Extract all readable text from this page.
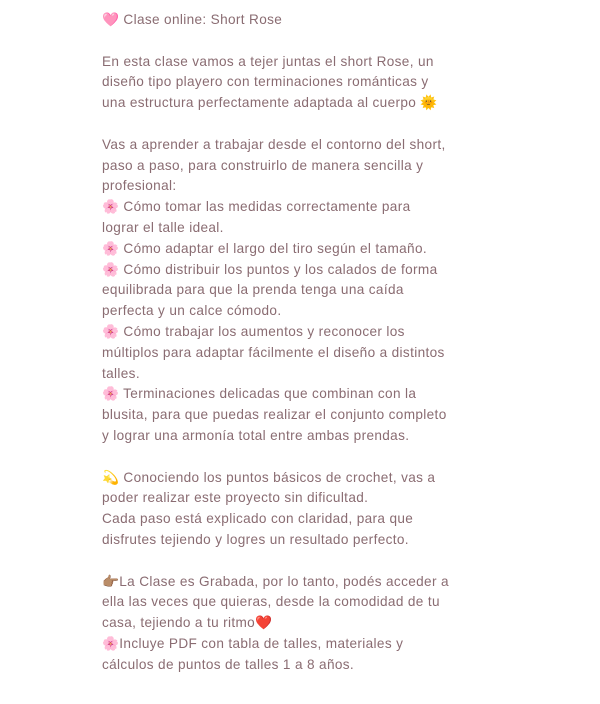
🩷 Clase online: Short Rose
En esta clase vamos a tejer juntas el short Rose, un
diseño tipo playero con terminaciones románticas y
una estructura perfectamente adaptada al cuerpo 🌞
Vas a aprender a trabajar desde el contorno del short,
paso a paso, para construirlo de manera sencilla y
profesional:
🌸 Cómo tomar las medidas correctamente para
lograr el talle ideal.
🌸 Cómo adaptar el largo del tiro según el tamaño.
🌸 Cómo distribuir los puntos y los calados de forma
equilibrada para que la prenda tenga una caída
perfecta y un calce cómodo.
🌸 Cómo trabajar los aumentos y reconocer los
múltiplos para adaptar fácilmente el diseño a distintos
talles.
🌸 Terminaciones delicadas que combinan con la
blusita, para que puedas realizar el conjunto completo
y lograr una armonía total entre ambas prendas.
💫 Conociendo los puntos básicos de crochet, vas a
poder realizar este proyecto sin dificultad.
Cada paso está explicado con claridad, para que
disfrutes tejiendo y logres un resultado perfecto.
👉🏽La Clase es Grabada, por lo tanto, podés acceder a
ella las veces que quieras, desde la comodidad de tu
casa, tejiendo a tu ritmo❤️
🌸Incluye PDF con tabla de talles, materiales y
cálculos de puntos de talles 1 a 8 años.
